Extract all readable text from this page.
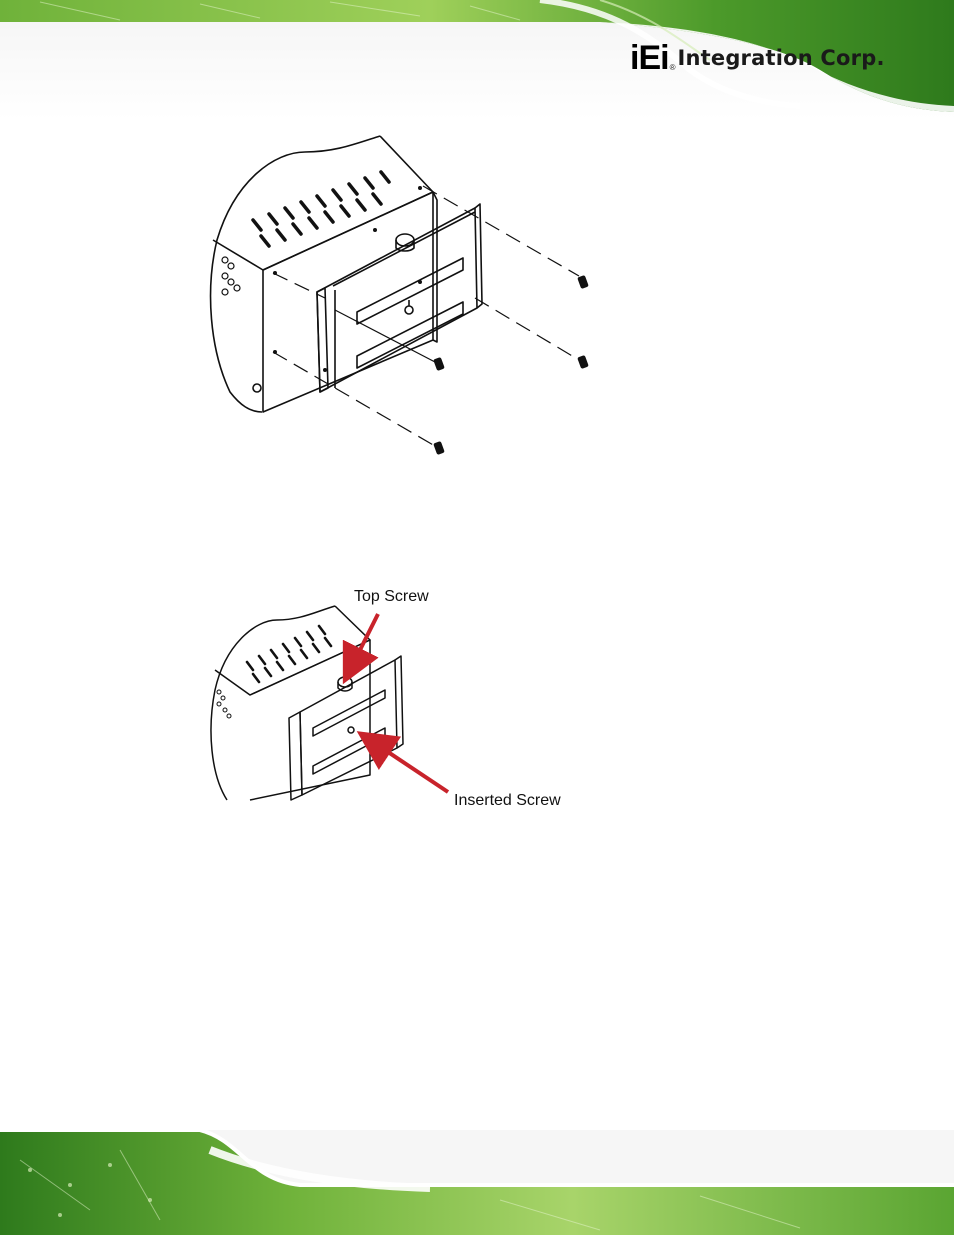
iEi ® Integration Corp.
Top Screw
Inserted Screw
